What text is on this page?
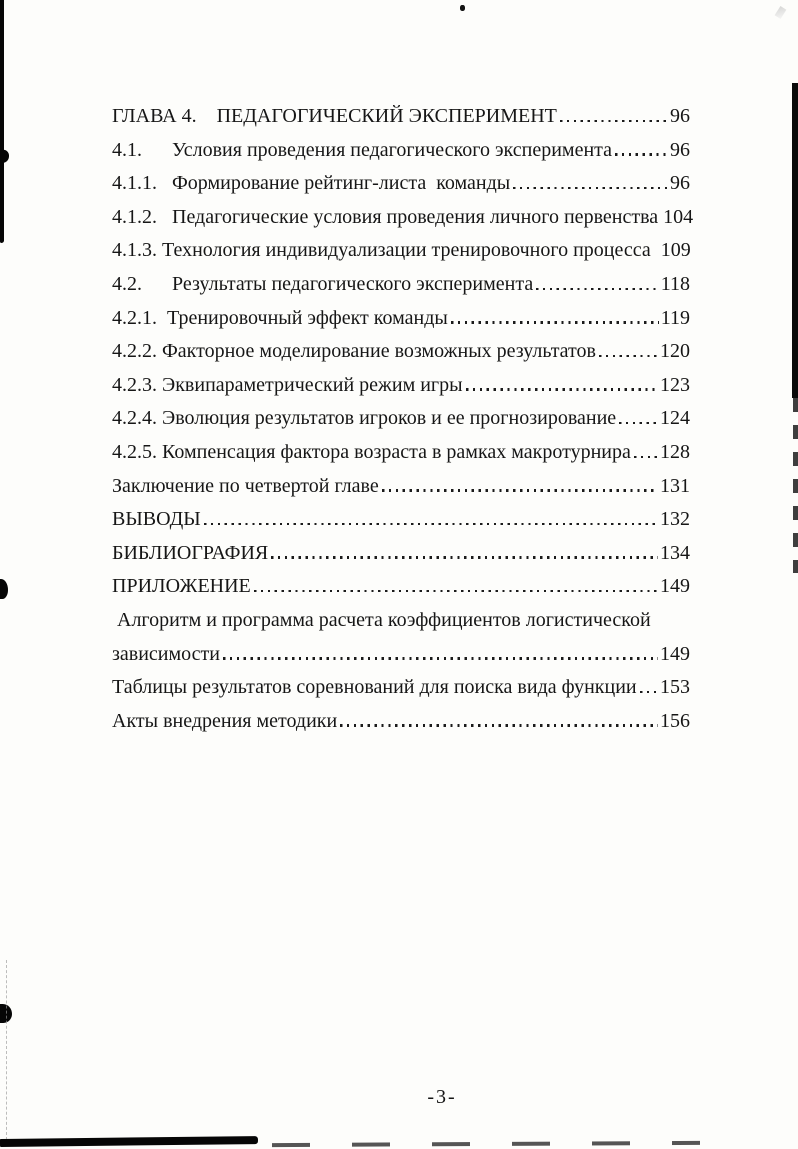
ГЛАВА 4.    ПЕДАГОГИЧЕСКИЙ ЭКСПЕРИМЕНТ	96
4.1.      Условия проведения педагогического эксперимента	96
4.1.1.   Формирование рейтинг-листа  команды	96
4.1.2.   Педагогические условия проведения личного первенства 104
4.1.3. Технология индивидуализации тренировочного процесса 109
4.2.      Результаты педагогического эксперимента	118
4.2.1.  Тренировочный эффект команды	119
4.2.2. Факторное моделирование возможных результатов	120
4.2.3. Эквипараметрический режим игры	123
4.2.4. Эволюция результатов игроков и ее прогнозирование 124
4.2.5. Компенсация фактора возраста в рамках макротурнира 128
Заключение по четвертой главе	131
ВЫВОДЫ	132
БИБЛИОГРАФИЯ	134
ПРИЛОЖЕНИЕ	149
Алгоритм и программа расчета коэффициентов логистической
зависимости	149
Таблицы результатов соревнований для поиска вида функции 153
Акты внедрения методики	156
-3-
